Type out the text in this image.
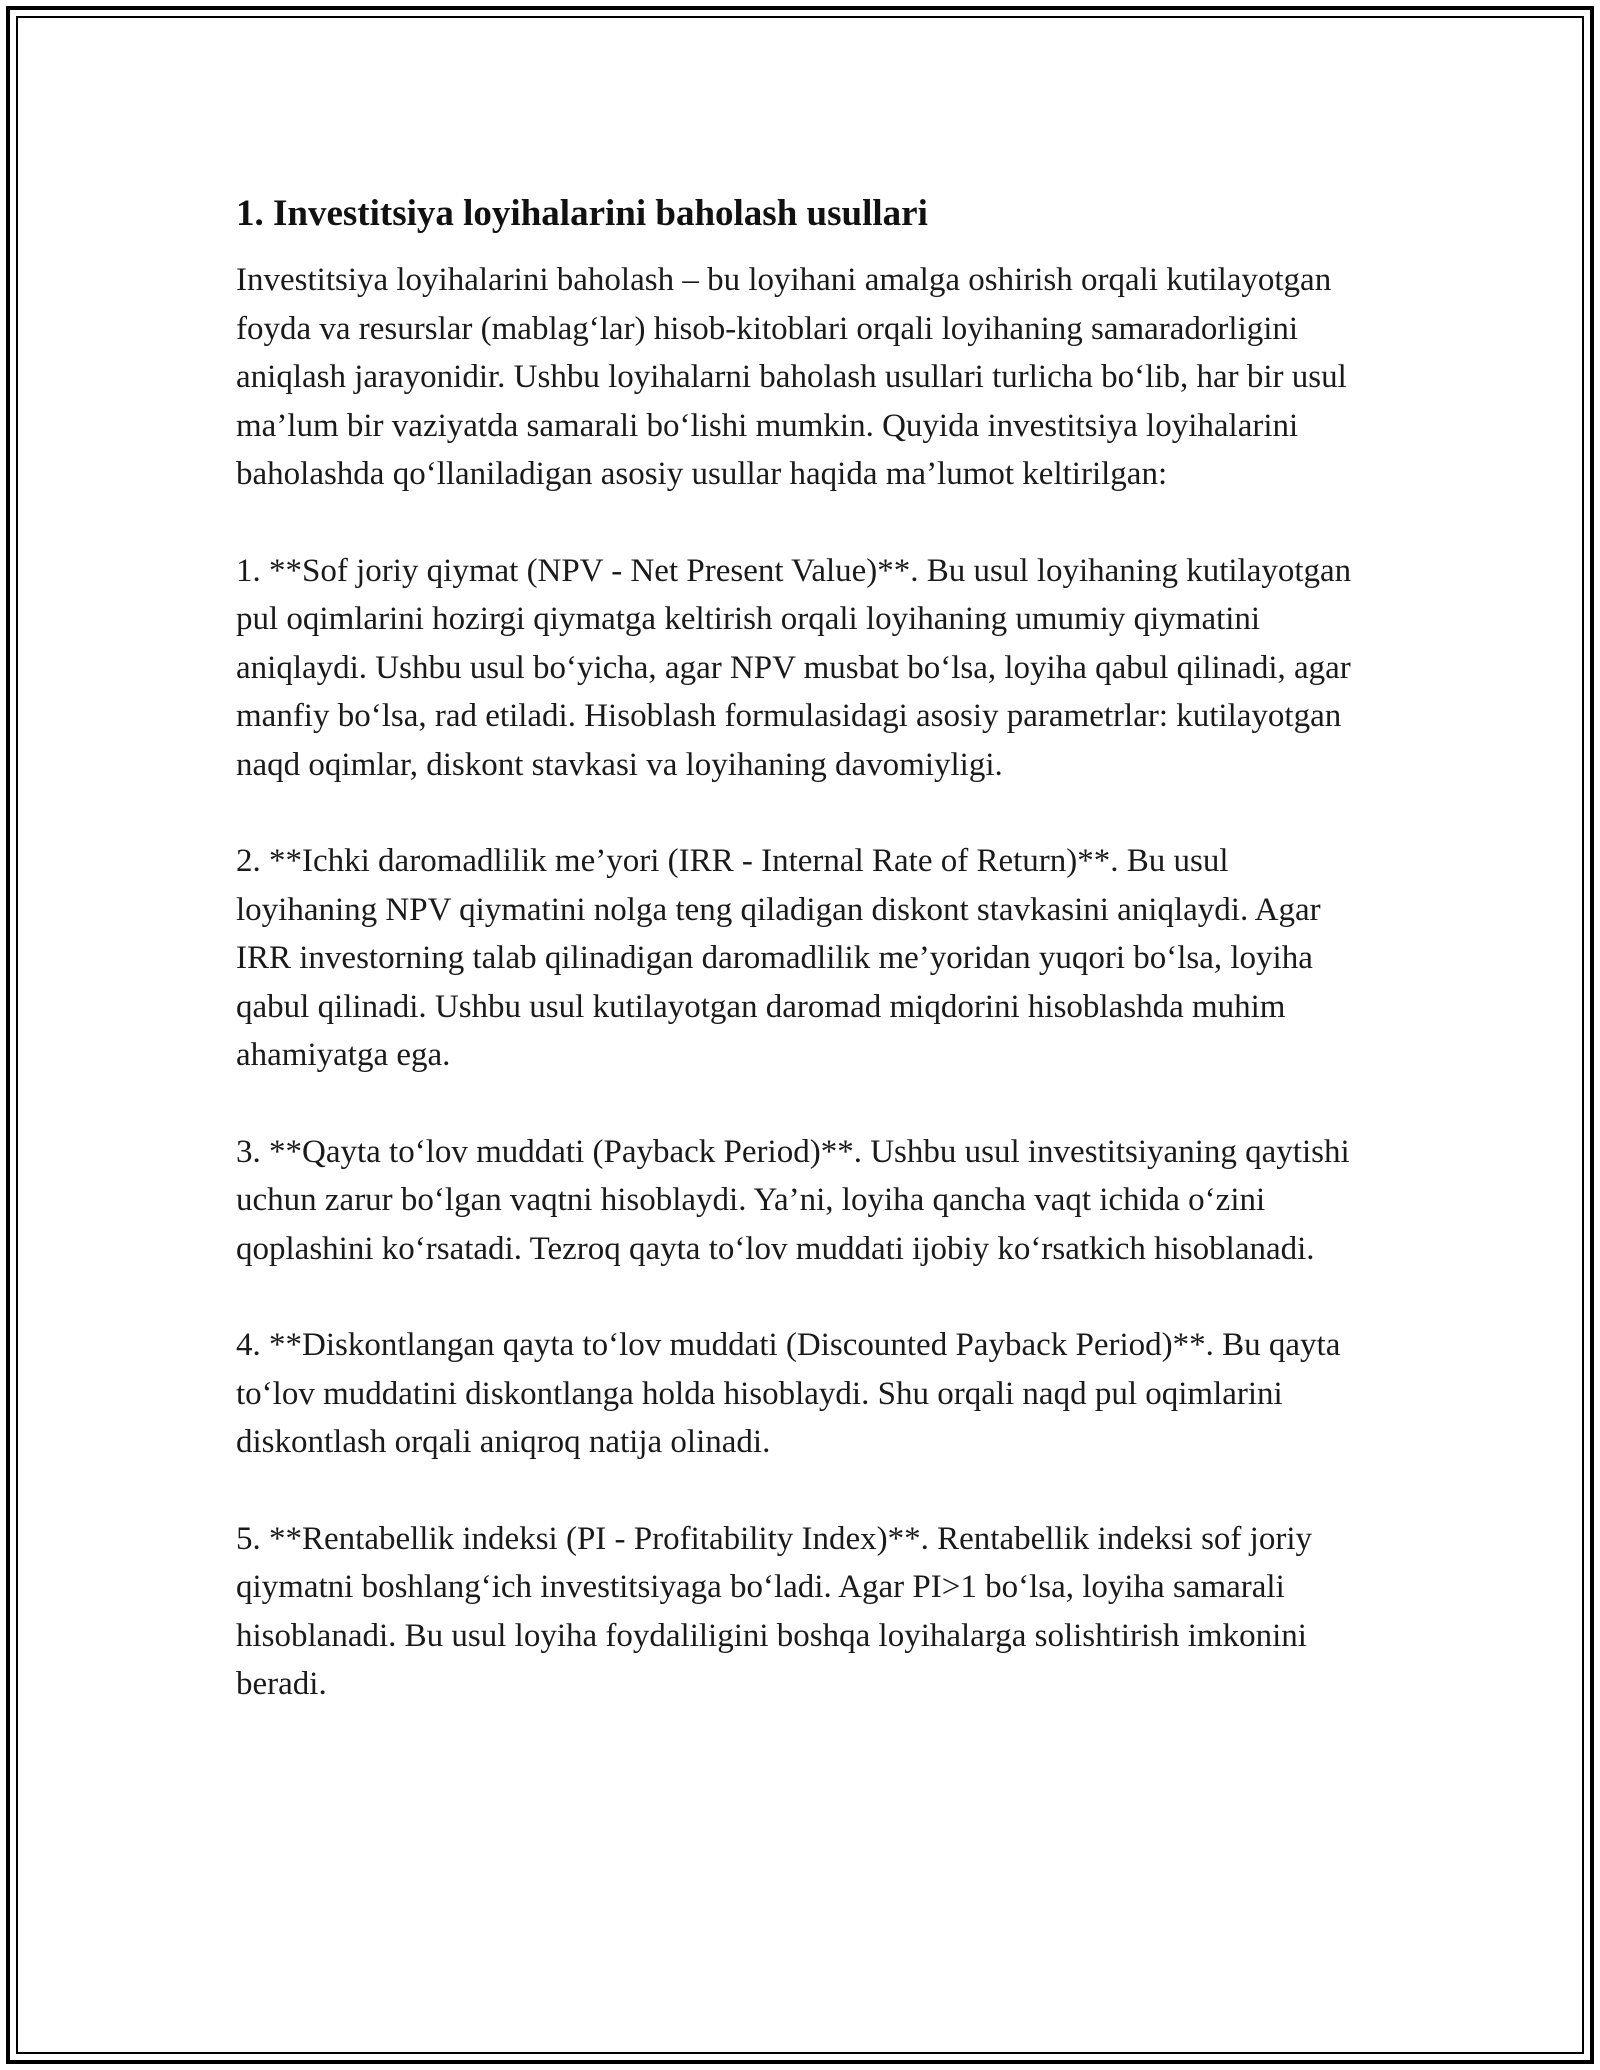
1. Investitsiya loyihalarini baholash usullari

Investitsiya loyihalarini baholash – bu loyihani amalga oshirish orqali kutilayotgan foyda va resurslar (mablag‘lar) hisob-kitoblari orqali loyihaning samaradorligini aniqlash jarayonidir. Ushbu loyihalarni baholash usullari turlicha bo‘lib, har bir usul ma’lum bir vaziyatda samarali bo‘lishi mumkin. Quyida investitsiya loyihalarini baholashda qo‘llaniladigan asosiy usullar haqida ma’lumot keltirilgan:

1. **Sof joriy qiymat (NPV - Net Present Value)**. Bu usul loyihaning kutilayotgan pul oqimlarini hozirgi qiymatga keltirish orqali loyihaning umumiy qiymatini aniqlaydi. Ushbu usul bo‘yicha, agar NPV musbat bo‘lsa, loyiha qabul qilinadi, agar manfiy bo‘lsa, rad etiladi. Hisoblash formulasidagi asosiy parametrlar: kutilayotgan naqd oqimlar, diskont stavkasi va loyihaning davomiyligi.

2. **Ichki daromadlilik me’yori (IRR - Internal Rate of Return)**. Bu usul loyihaning NPV qiymatini nolga teng qiladigan diskont stavkasini aniqlaydi. Agar IRR investorning talab qilinadigan daromadlilik me’yoridan yuqori bo‘lsa, loyiha qabul qilinadi. Ushbu usul kutilayotgan daromad miqdorini hisoblashda muhim ahamiyatga ega.

3. **Qayta to‘lov muddati (Payback Period)**. Ushbu usul investitsiyaning qaytishi uchun zarur bo‘lgan vaqtni hisoblaydi. Ya’ni, loyiha qancha vaqt ichida o‘zini qoplashini ko‘rsatadi. Tezroq qayta to‘lov muddati ijobiy ko‘rsatkich hisoblanadi.

4. **Diskontlangan qayta to‘lov muddati (Discounted Payback Period)**. Bu qayta to‘lov muddatini diskontlanga holda hisoblaydi. Shu orqali naqd pul oqimlarini diskontlash orqali aniqroq natija olinadi.

5. **Rentabellik indeksi (PI - Profitability Index)**. Rentabellik indeksi sof joriy qiymatni boshlang‘ich investitsiyaga bo‘ladi. Agar PI>1 bo‘lsa, loyiha samarali hisoblanadi. Bu usul loyiha foydaliligini boshqa loyihalarga solishtirish imkonini beradi.
